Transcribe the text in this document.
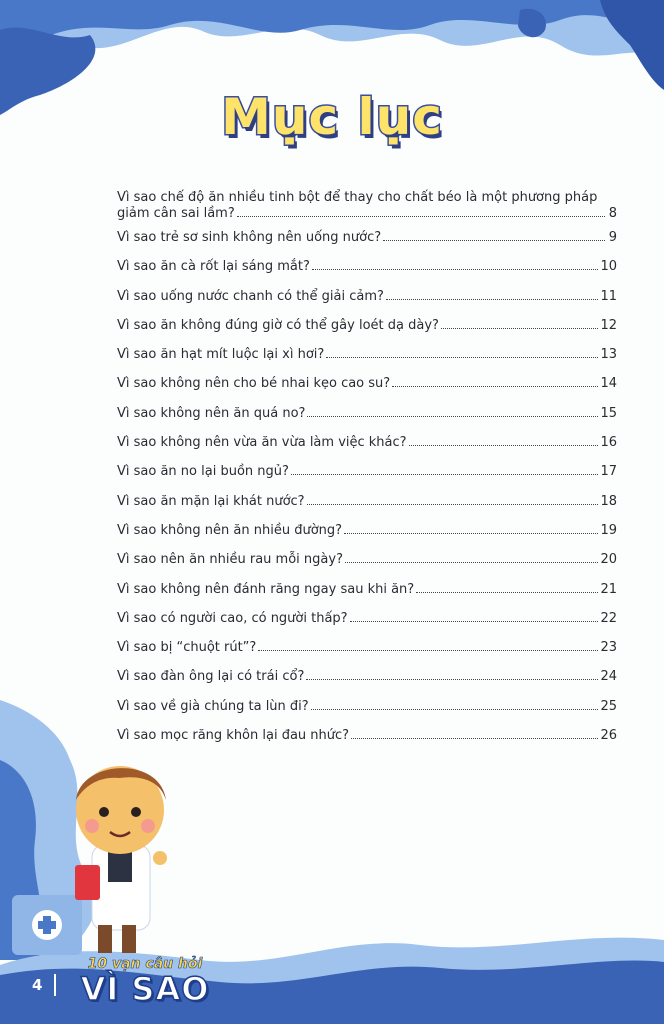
Mục lục
Vì sao chế độ ăn nhiều tinh bột để thay cho chất béo là một phương pháp
giảm cân sai lầm?	8
Vì sao trẻ sơ sinh không nên uống nước?	9
Vì sao ăn cà rốt lại sáng mắt?	10
Vì sao uống nước chanh có thể giải cảm?	11
Vì sao ăn không đúng giờ có thể gây loét dạ dày?	12
Vì sao ăn hạt mít luộc lại xì hơi?	13
Vì sao không nên cho bé nhai kẹo cao su?	14
Vì sao không nên ăn quá no?	15
Vì sao không nên vừa ăn vừa làm việc khác?	16
Vì sao ăn no lại buồn ngủ?	17
Vì sao ăn mặn lại khát nước?	18
Vì sao không nên ăn nhiều đường?	19
Vì sao nên ăn nhiều rau mỗi ngày?	20
Vì sao không nên đánh răng ngay sau khi ăn?	21
Vì sao có người cao, có người thấp?	22
Vì sao bị “chuột rút”?	23
Vì sao đàn ông lại có trái cổ?	24
Vì sao về già chúng ta lùn đi?	25
Vì sao mọc răng khôn lại đau nhức?	26
4
10 vạn câu hỏi
VÌ SAO
